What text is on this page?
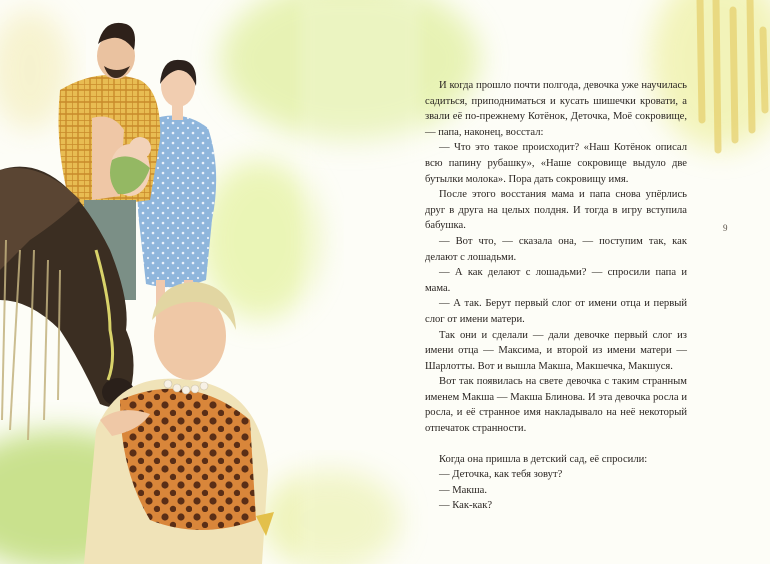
И когда прошло почти полгода, девочка уже научилась садиться, приподниматься и кусать шишечки кровати, а звали её по-прежнему Котёнок, Деточка, Моё сокровище, — папа, наконец, восстал:

— Что это такое происходит? «Наш Котёнок описал всю папину рубашку», «Наше сокровище выдуло две бутылки молока». Пора дать сокровищу имя.

После этого восстания мама и папа снова упёрлись друг в друга на целых полдня. И тогда в игру вступила бабушка.

— Вот что, — сказала она, — поступим так, как делают с лошадьми.

— А как делают с лошадьми? — спросили папа и мама.

— А так. Берут первый слог от имени отца и первый слог от имени матери.

Так они и сделали — дали девочке первый слог из имени отца — Максима, и второй из имени матери — Шарлотты. Вот и вышла Макша, Макшечка, Макшуся.

Вот так появилась на свете девочка с таким странным именем Макша — Макша Блинова. И эта девочка росла и росла, и её странное имя накладывало на неё некоторый отпечаток странности.

Когда она пришла в детский сад, её спросили:

— Деточка, как тебя зовут?

— Макша.

— Как-как?

9
